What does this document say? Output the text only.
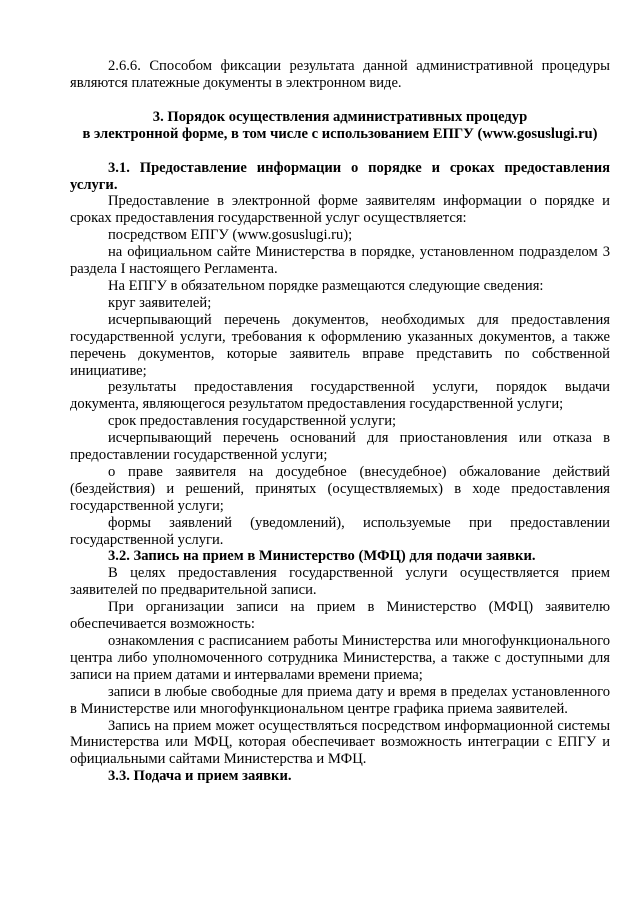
2.6.6. Способом фиксации результата данной административной процедуры являются платежные документы в электронном виде.

3. Порядок осуществления административных процедур

в электронной форме, в том числе с использованием ЕПГУ (www.gosuslugi.ru)

3.1. Предоставление информации о порядке и сроках предоставления услуги.

Предоставление в электронной форме заявителям информации о порядке и сроках предоставления государственной услуг осуществляется:

посредством ЕПГУ (www.gosuslugi.ru);

на официальном сайте Министерства в порядке, установленном подразделом 3 раздела I настоящего Регламента.

На ЕПГУ в обязательном порядке размещаются следующие сведения:

круг заявителей;

исчерпывающий перечень документов, необходимых для предоставления государственной услуги, требования к оформлению указанных документов, а также перечень документов, которые заявитель вправе представить по собственной инициативе;

результаты предоставления государственной услуги, порядок выдачи документа, являющегося результатом предоставления государственной услуги;

срок предоставления государственной услуги;

исчерпывающий перечень оснований для приостановления или отказа в предоставлении государственной услуги;

о праве заявителя на досудебное (внесудебное) обжалование действий (бездействия) и решений, принятых (осуществляемых) в ходе предоставления государственной услуги;

формы заявлений (уведомлений), используемые при предоставлении государственной услуги.

3.2. Запись на прием в Министерство (МФЦ) для подачи заявки.

В целях предоставления государственной услуги осуществляется прием заявителей по предварительной записи.

При организации записи на прием в Министерство (МФЦ) заявителю обеспечивается возможность:

ознакомления с расписанием работы Министерства или многофункционального центра либо уполномоченного сотрудника Министерства, а также с доступными для записи на прием датами и интервалами времени приема;

записи в любые свободные для приема дату и время в пределах установленного в Министерстве или многофункциональном центре графика приема заявителей.

Запись на прием может осуществляться посредством информационной системы Министерства или МФЦ, которая обеспечивает возможность интеграции с ЕПГУ и официальными сайтами Министерства и МФЦ.

3.3. Подача и прием заявки.
